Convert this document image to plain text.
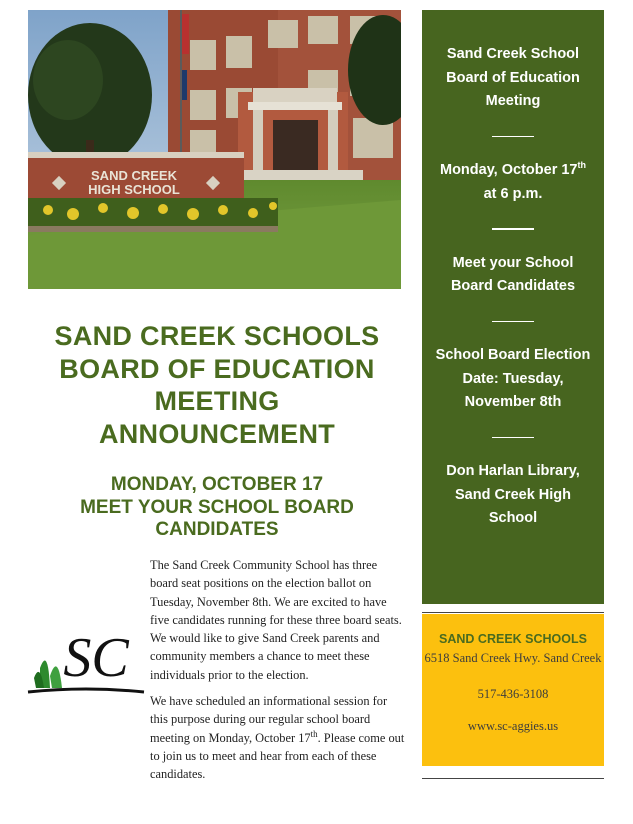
SAND CREEK
HIGH SCHOOL
SAND CREEK SCHOOLS
BOARD OF EDUCATION
MEETING
ANNOUNCEMENT
MONDAY, OCTOBER 17
MEET YOUR SCHOOL BOARD
CANDIDATES

SC
The Sand Creek Community School has three board seat positions on the election ballot on Tuesday, November 8th. We are excited to have five candidates running for these three board seats. We would like to give Sand Creek parents and community members a chance to meet these individuals prior to the election.

We have scheduled an informational session for this purpose during our regular school board meeting on Monday, October 17th. Please come out to join us to meet and hear from each of these candidates.

Sand Creek School Board of Education Meeting
Monday, October 17th at 6 p.m.
Meet your School Board Candidates
School Board Election Date: Tuesday, November 8th
Don Harlan Library, Sand Creek High School
SAND CREEK SCHOOLS
6518 Sand Creek Hwy. Sand Creek
517-436-3108
www.sc-aggies.us
